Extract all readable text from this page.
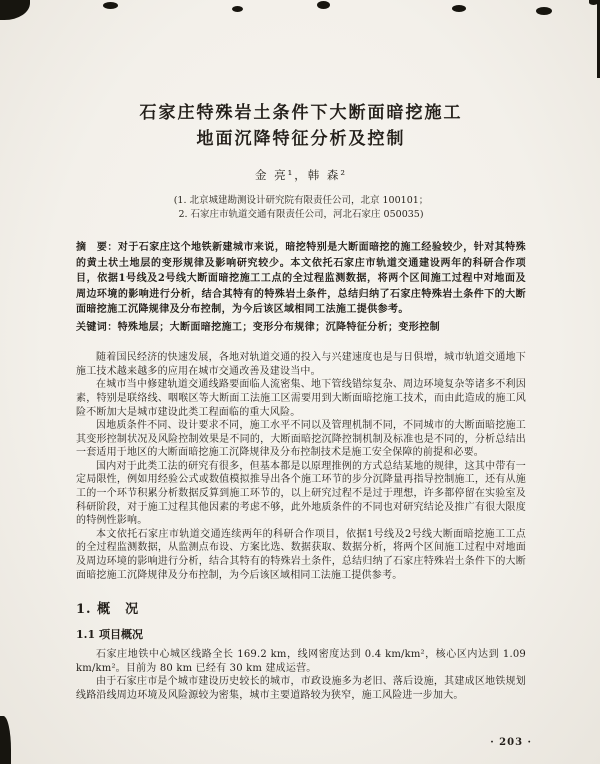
石家庄特殊岩土条件下大断面暗挖施工
地面沉降特征分析及控制
金 亮¹，韩 森²
(1. 北京城建勘测设计研究院有限责任公司，北京 100101；
2. 石家庄市轨道交通有限责任公司，河北石家庄 050035)

摘　要：对于石家庄这个地铁新建城市来说，暗挖特别是大断面暗挖的施工经验较少，针对其特殊的黄土状土地层的变形规律及影响研究较少。本文依托石家庄市轨道交通建设两年的科研合作项目，依据1号线及2号线大断面暗挖施工工点的全过程监测数据，将两个区间施工过程中对地面及周边环境的影响进行分析，结合其特有的特殊岩土条件，总结归纳了石家庄特殊岩土条件下的大断面暗挖施工沉降规律及分布控制，为今后该区域相同工法施工提供参考。

关键词：特殊地层；大断面暗挖施工；变形分布规律；沉降特征分析；变形控制

随着国民经济的快速发展，各地对轨道交通的投入与兴建速度也是与日俱增，城市轨道交通地下施工技术越来越多的应用在城市交通改善及建设当中。

在城市当中修建轨道交通线路要面临人流密集、地下管线错综复杂、周边环境复杂等诸多不利因素，特别是联络线、咽喉区等大断面工法施工区需要用到大断面暗挖施工技术，而由此造成的施工风险不断加大是城市建设此类工程面临的重大风险。

因地质条件不同、设计要求不同，施工水平不同以及管理机制不同，不同城市的大断面暗挖施工其变形控制状况及风险控制效果是不同的，大断面暗挖沉降控制机制及标准也是不同的，分析总结出一套适用于地区的大断面暗挖施工沉降规律及分布控制技术是施工安全保障的前提和必要。

国内对于此类工法的研究有很多，但基本都是以原理推例的方式总结某地的规律，这其中带有一定局限性，例如用经验公式或数值模拟推导出各个施工环节的步分沉降量再指导控制施工，还有从施工的一个环节积累分析数据反算到施工环节的，以上研究过程不是过于理想，许多都停留在实验室及科研阶段，对于施工过程其他因素的考虑不够，此外地质条件的不同也对研究结论及推广有很大限度的特例性影响。

本文依托石家庄市轨道交通连续两年的科研合作项目，依据1号线及2号线大断面暗挖施工工点的全过程监测数据，从监测点布设、方案比选、数据获取、数据分析，将两个区间施工过程中对地面及周边环境的影响进行分析，结合其特有的特殊岩土条件，总结归纳了石家庄特殊岩土条件下的大断面暗挖施工沉降规律及分布控制，为今后该区域相同工法施工提供参考。

1. 概　况
1.1 项目概况

石家庄地铁中心城区线路全长 169.2 km，线网密度达到 0.4 km/km²，核心区内达到 1.09 km/km²。目前为 80 km 已经有 30 km 建成运营。

由于石家庄市是个城市建设历史较长的城市，市政设施多为老旧、落后设施，其建成区地铁规划线路沿线周边环境及风险源较为密集，城市主要道路较为狭窄，施工风险进一步加大。

· 203 ·
